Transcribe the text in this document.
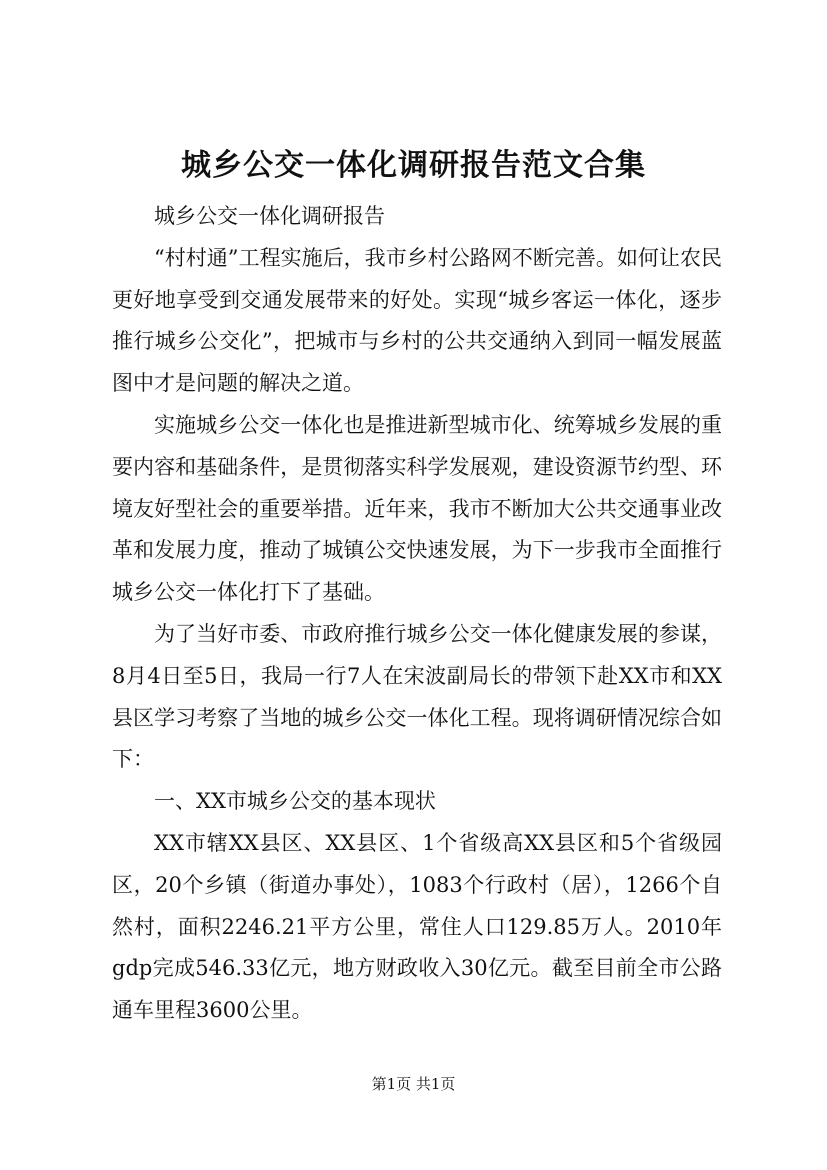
城乡公交一体化调研报告范文合集

城乡公交一体化调研报告

“村村通”工程实施后，我市乡村公路网不断完善。如何让农民更好地享受到交通发展带来的好处。实现“城乡客运一体化，逐步推行城乡公交化”，把城市与乡村的公共交通纳入到同一幅发展蓝图中才是问题的解决之道。

实施城乡公交一体化也是推进新型城市化、统筹城乡发展的重要内容和基础条件，是贯彻落实科学发展观，建设资源节约型、环境友好型社会的重要举措。近年来，我市不断加大公共交通事业改革和发展力度，推动了城镇公交快速发展，为下一步我市全面推行城乡公交一体化打下了基础。

为了当好市委、市政府推行城乡公交一体化健康发展的参谋，8月4日至5日，我局一行7人在宋波副局长的带领下赴XX市和XX县区学习考察了当地的城乡公交一体化工程。现将调研情况综合如下：

一、XX市城乡公交的基本现状

XX市辖XX县区、XX县区、1个省级高XX县区和5个省级园区，20个乡镇（街道办事处），1083个行政村（居），1266个自然村，面积2246.21平方公里，常住人口129.85万人。2010年gdp完成546.33亿元，地方财政收入30亿元。截至目前全市公路通车里程3600公里。

第1页 共1页
